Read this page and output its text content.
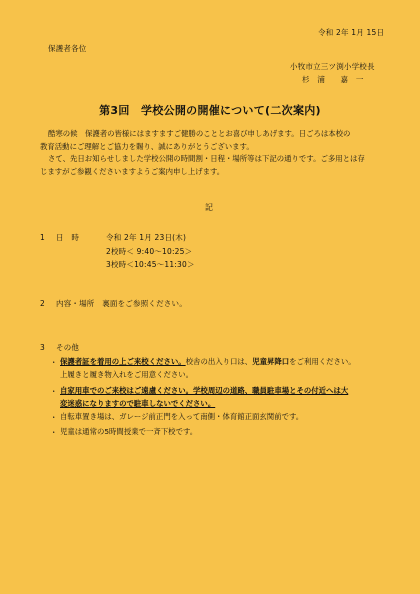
令和 2年 1月 15日
保護者各位
小牧市立三ツ渕小学校長
杉　浦　　嘉　一
第3回　学校公開の開催について(二次案内)
酷寒の候　保護者の皆様にはますますご健勝のこととお喜び申しあげます。日ごろは本校の
教育活動にご理解とご協力を賜り、誠にありがとうございます。
さて、先日お知らせしました学校公開の時間割・日程・場所等は下記の通りです。ご多用とは存
じますがご参観くださいますようご案内申し上げます。
記
1 日　時	令和 2年 1月 23日(木)
2校時＜ 9:40〜10:25＞
3校時＜10:45〜11:30＞
2 内容・場所　裏面をご参照ください。
3 その他
・ 保護者証を着用の上ご来校ください。校舎の出入り口は、児童昇降口をご利用ください。
上履きと履き物入れをご用意ください。
・ 自家用車でのご来校はご遠慮ください。学校周辺の道路、職員駐車場とその付近へは大
変迷惑になりますので駐車しないでください。
・ 自転車置き場は、ガレージ前正門を入って南側・体育館正面玄関前です。
・ 児童は通常の5時間授業で一斉下校です。
